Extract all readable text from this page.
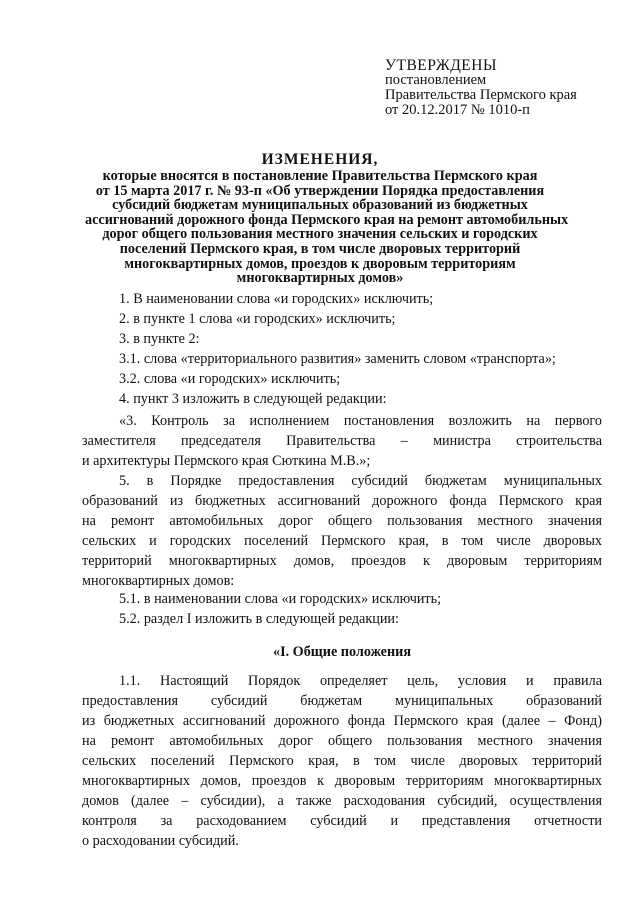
УТВЕРЖДЕНЫ
постановлением
Правительства Пермского края
от 20.12.2017 № 1010-п
ИЗМЕНЕНИЯ,
которые вносятся в постановление Правительства Пермского края
от 15 марта 2017 г. № 93-п «Об утверждении Порядка предоставления
субсидий бюджетам муниципальных образований из бюджетных
ассигнований дорожного фонда Пермского края на ремонт автомобильных
дорог общего пользования местного значения сельских и городских
поселений Пермского края, в том числе дворовых территорий
многоквартирных домов, проездов к дворовым территориям
многоквартирных домов»
1. В наименовании слова «и городских» исключить;
2. в пункте 1 слова «и городских» исключить;
3. в пункте 2:
3.1. слова «территориального развития» заменить словом «транспорта»;
3.2. слова «и городских» исключить;
4. пункт 3 изложить в следующей редакции:
«3. Контроль за исполнением постановления возложить на первого
заместителя председателя Правительства – министра строительства
и архитектуры Пермского края Сюткина М.В.»;
5. в Порядке предоставления субсидий бюджетам муниципальных
образований из бюджетных ассигнований дорожного фонда Пермского края
на ремонт автомобильных дорог общего пользования местного значения
сельских и городских поселений Пермского края, в том числе дворовых
территорий многоквартирных домов, проездов к дворовым территориям
многоквартирных домов:
5.1. в наименовании слова «и городских» исключить;
5.2. раздел I изложить в следующей редакции:
«I. Общие положения
1.1. Настоящий Порядок определяет цель, условия и правила
предоставления субсидий бюджетам муниципальных образований
из бюджетных ассигнований дорожного фонда Пермского края (далее – Фонд)
на ремонт автомобильных дорог общего пользования местного значения
сельских поселений Пермского края, в том числе дворовых территорий
многоквартирных домов, проездов к дворовым территориям многоквартирных
домов (далее – субсидии), а также расходования субсидий, осуществления
контроля за расходованием субсидий и представления отчетности
о расходовании субсидий.
